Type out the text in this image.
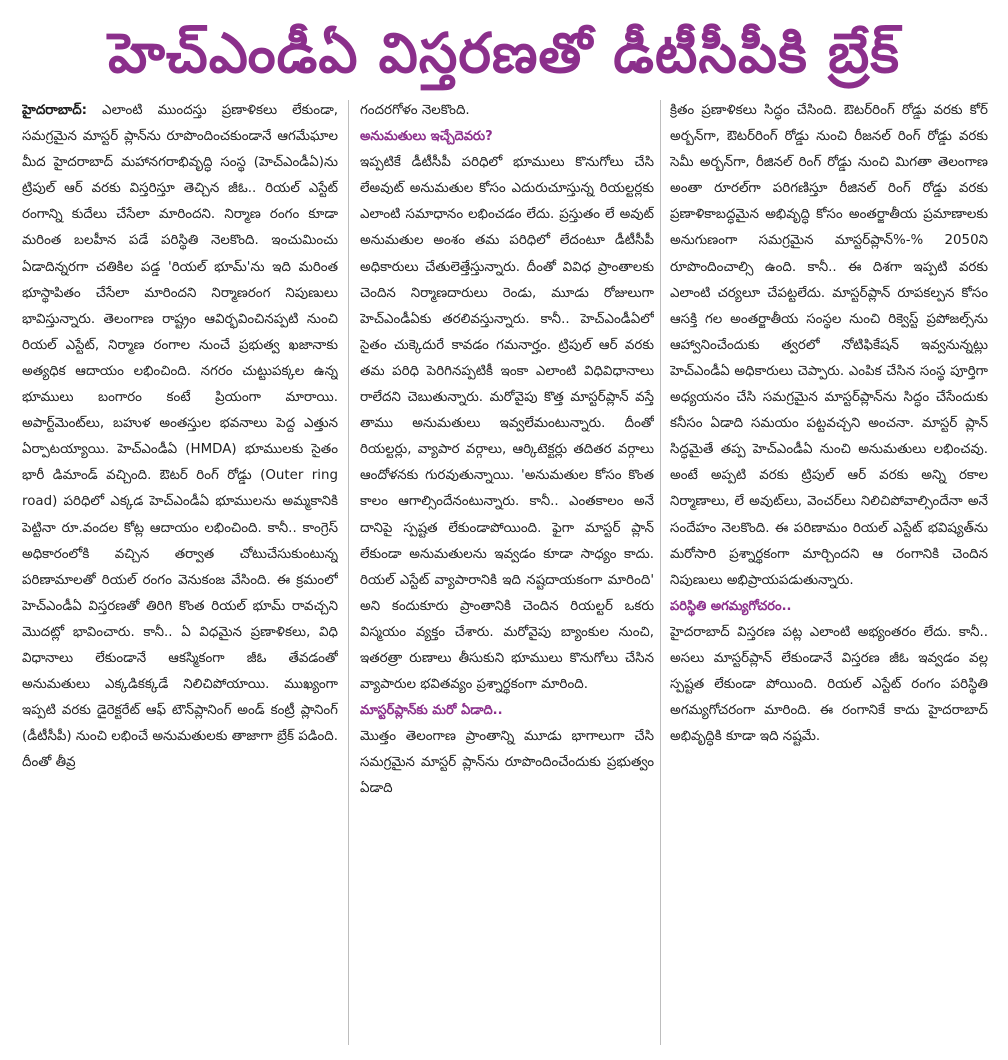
హెచ్‌ఎండీఏ విస్తరణతో డీటీసీపీకి బ్రేక్

హైదరాబాద్‌: ఎలాంటి ముందస్తు ప్రణాళికలు లేకుండా, సమగ్రమైన మాస్టర్‌ ప్లాన్‌ను రూపొందించకుండానే ఆగమేఘాల మీద హైదరాబాద్‌ మహానగరాభివృద్ధి సంస్థ (హెచ్‌ఎండీఏ)ను ట్రిపుల్‌ ఆర్‌ వరకు విస్తరిస్తూ తెచ్చిన జీఓ.. రియల్‌ ఎస్టేట్‌ రంగాన్ని కుదేలు చేసేలా మారిందని. నిర్మాణ రంగం కూడా మరింత బలహీన పడే పరిస్థితి నెలకొంది. ఇంచుమించు ఏడాదిన్నరగా చతికిల పడ్డ 'రియల్‌ భూమ్‌'ను ఇది మరింత భూస్థాపితం చేసేలా మారిందని నిర్మాణరంగ నిపుణులు భావిస్తున్నారు. తెలంగాణ రాష్ట్రం ఆవిర్భవించినప్పటి నుంచి రియల్‌ ఎస్టేట్‌, నిర్మాణ రంగాల నుంచే ప్రభుత్వ ఖజానాకు అత్యధిక ఆదాయం లభించింది. నగరం చుట్టుపక్కల ఉన్న భూములు బంగారం కంటే ప్రియంగా మారాయి. అపార్ట్‌మెంట్‌లు, బహుళ అంతస్తుల భవనాలు పెద్ద ఎత్తున ఏర్పాటయ్యాయి. హెచ్‌ఎండీఏ (HMDA) భూములకు సైతం భారీ డిమాండ్‌ వచ్చింది. ఔటర్‌ రింగ్‌ రోడ్డు (Outer ring road) పరిధిలో ఎక్కడ హెచ్‌ఎండీఏ భూములను అమ్మకానికి పెట్టినా రూ.వందల కోట్ల ఆదాయం లభించింది. కానీ.. కాంగ్రెస్‌ అధికారంలోకి వచ్చిన తర్వాత చోటుచేసుకుంటున్న పరిణామాలతో రియల్‌ రంగం వెనుకంజ వేసింది. ఈ క్రమంలో హెచ్‌ఎండీఏ విస్తరణతో తిరిగి కొంత రియల్‌ భూమ్‌ రావచ్చని మొదట్లో భావించారు. కానీ.. ఏ విధమైన ప్రణాళికలు, విధి విధానాలు లేకుండానే ఆకస్మికంగా జీఓ తేవడంతో అనుమతులు ఎక్కడికక్కడే నిలిచిపోయాయి. ముఖ్యంగా ఇప్పటి వరకు డైరెక్టరేట్‌ ఆఫ్‌ టౌన్‌ప్లానింగ్‌ అండ్‌ కంట్రీ ప్లానింగ్‌ (డీటీసీపీ) నుంచి లభించే అనుమతులకు తాజాగా బ్రేక్‌ పడింది. దీంతో తీవ్ర

గందరగోళం నెలకొంది.

అనుమతులు ఇచ్చేదెవరు?

ఇప్పటికే డీటీసీపీ పరిధిలో భూములు కొనుగోలు చేసి లేఅవుట్‌ అనుమతుల కోసం ఎదురుచూస్తున్న రియల్టర్లకు ఎలాంటి సమాధానం లభించడం లేదు. ప్రస్తుతం లే అవుట్‌ అనుమతుల అంశం తమ పరిధిలో లేదంటూ డీటీసీపీ అధికారులు చేతులెత్తేస్తున్నారు. దీంతో వివిధ ప్రాంతాలకు చెందిన నిర్మాణదారులు రెండు, మూడు రోజులుగా హెచ్‌ఎండీఏకు తరలివస్తున్నారు. కానీ.. హెచ్‌ఎండీఏలో సైతం చుక్కెదురే కావడం గమనార్హం. ట్రిపుల్‌ ఆర్‌ వరకు తమ పరిధి పెరిగినప్పటికీ ఇంకా ఎలాంటి విధివిధానాలు రాలేదని చెబుతున్నారు. మరోవైపు కొత్త మాస్టర్‌ప్లాన్‌ వస్తే తాము అనుమతులు ఇవ్వలేమంటున్నారు. దీంతో రియల్టర్లు, వ్యాపార వర్గాలు, ఆర్కిటెక్టర్లు తదితర వర్గాలు ఆందోళనకు గురవుతున్నాయి. 'అనుమతుల కోసం కొంత కాలం ఆగాల్సిందేనంటున్నారు. కానీ.. ఎంతకాలం అనే దానిపై స్పష్టత లేకుండాపోయింది. ఫైగా మాస్టర్‌ ప్లాన్‌ లేకుండా అనుమతులను ఇవ్వడం కూడా సాధ్యం కాదు. రియల్‌ ఎస్టేట్‌ వ్యాపారానికి ఇది నష్టదాయకంగా మారింది' అని కందుకూరు ప్రాంతానికి చెందిన రియల్టర్‌ ఒకరు విస్మయం వ్యక్తం చేశారు. మరోవైపు బ్యాంకుల నుంచి, ఇతరత్రా రుణాలు తీసుకుని భూములు కొనుగోలు చేసిన వ్యాపారుల భవితవ్యం ప్రశ్నార్థకంగా మారింది.

మాస్టర్‌ప్లాన్‌కు మరో ఏడాది..

మొత్తం తెలంగాణ ప్రాంతాన్ని మూడు భాగాలుగా చేసి సమగ్రమైన మాస్టర్‌ ప్లాన్‌ను రూపొందించేందుకు ప్రభుత్వం ఏడాది

క్రితం ప్రణాళికలు సిద్ధం చేసింది. ఔటర్‌రింగ్‌ రోడ్డు వరకు కోర్‌ అర్బన్‌గా, ఔటర్‌రింగ్‌ రోడ్డు నుంచి రీజనల్‌ రింగ్‌ రోడ్డు వరకు సెమీ అర్బన్‌గా, రీజినల్‌ రింగ్‌ రోడ్డు నుంచి మిగతా తెలంగాణ అంతా రూరల్‌గా పరిగణిస్తూ రీజినల్‌ రింగ్‌ రోడ్డు వరకు ప్రణాళికాబద్ధమైన అభివృద్ధి కోసం అంతర్జాతీయ ప్రమాణాలకు అనుగుణంగా సమగ్రమైన మాస్టర్‌ప్లాన్‌%-% 2050ని రూపొందించాల్సి ఉంది. కానీ.. ఈ దిశగా ఇప్పటి వరకు ఎలాంటి చర్యలూ చేపట్టలేదు. మాస్టర్‌ప్లాన్‌ రూపకల్పన కోసం ఆసక్తి గల అంతర్జాతీయ సంస్థల నుంచి రిక్వెస్ట్‌ ప్రపోజల్స్‌ను ఆహ్వానించేందుకు త్వరలో నోటిఫికేషన్‌ ఇవ్వనున్నట్లు హెచ్‌ఎండీఏ అధికారులు చెప్పారు. ఎంపిక చేసిన సంస్థ పూర్తిగా అధ్యయనం చేసి సమగ్రమైన మాస్టర్‌ప్లాన్‌ను సిద్ధం చేసేందుకు కనీసం ఏడాది సమయం పట్టవచ్చని అంచనా. మాస్టర్‌ ప్లాన్‌ సిద్ధమైతే తప్ప హెచ్‌ఎండీఏ నుంచి అనుమతులు లభించవు. అంటే అప్పటి వరకు ట్రిపుల్‌ ఆర్‌ వరకు అన్ని రకాల నిర్మాణాలు, లే అవుట్‌లు, వెంచర్‌లు నిలిచిపోవాల్సిందేనా అనే సందేహం నెలకొంది. ఈ పరిణామం రియల్‌ ఎస్టేట్‌ భవిష్యత్‌ను మరోసారి ప్రశ్నార్థకంగా మార్చిందని ఆ రంగానికి చెందిన నిపుణులు అభిప్రాయపడుతున్నారు.

పరిస్థితి అగమ్యగోచరం..

హైదరాబాద్‌ విస్తరణ పట్ల ఎలాంటి అభ్యంతరం లేదు. కానీ.. అసలు మాస్టర్‌ప్లాన్‌ లేకుండానే విస్తరణ జీఓ ఇవ్వడం వల్ల స్పష్టత లేకుండా పోయింది. రియల్‌ ఎస్టేట్‌ రంగం పరిస్థితి అగమ్యగోచరంగా మారింది. ఈ రంగానికే కాదు హైదరాబాద్‌ అభివృద్ధికి కూడా ఇది నష్టమే.
